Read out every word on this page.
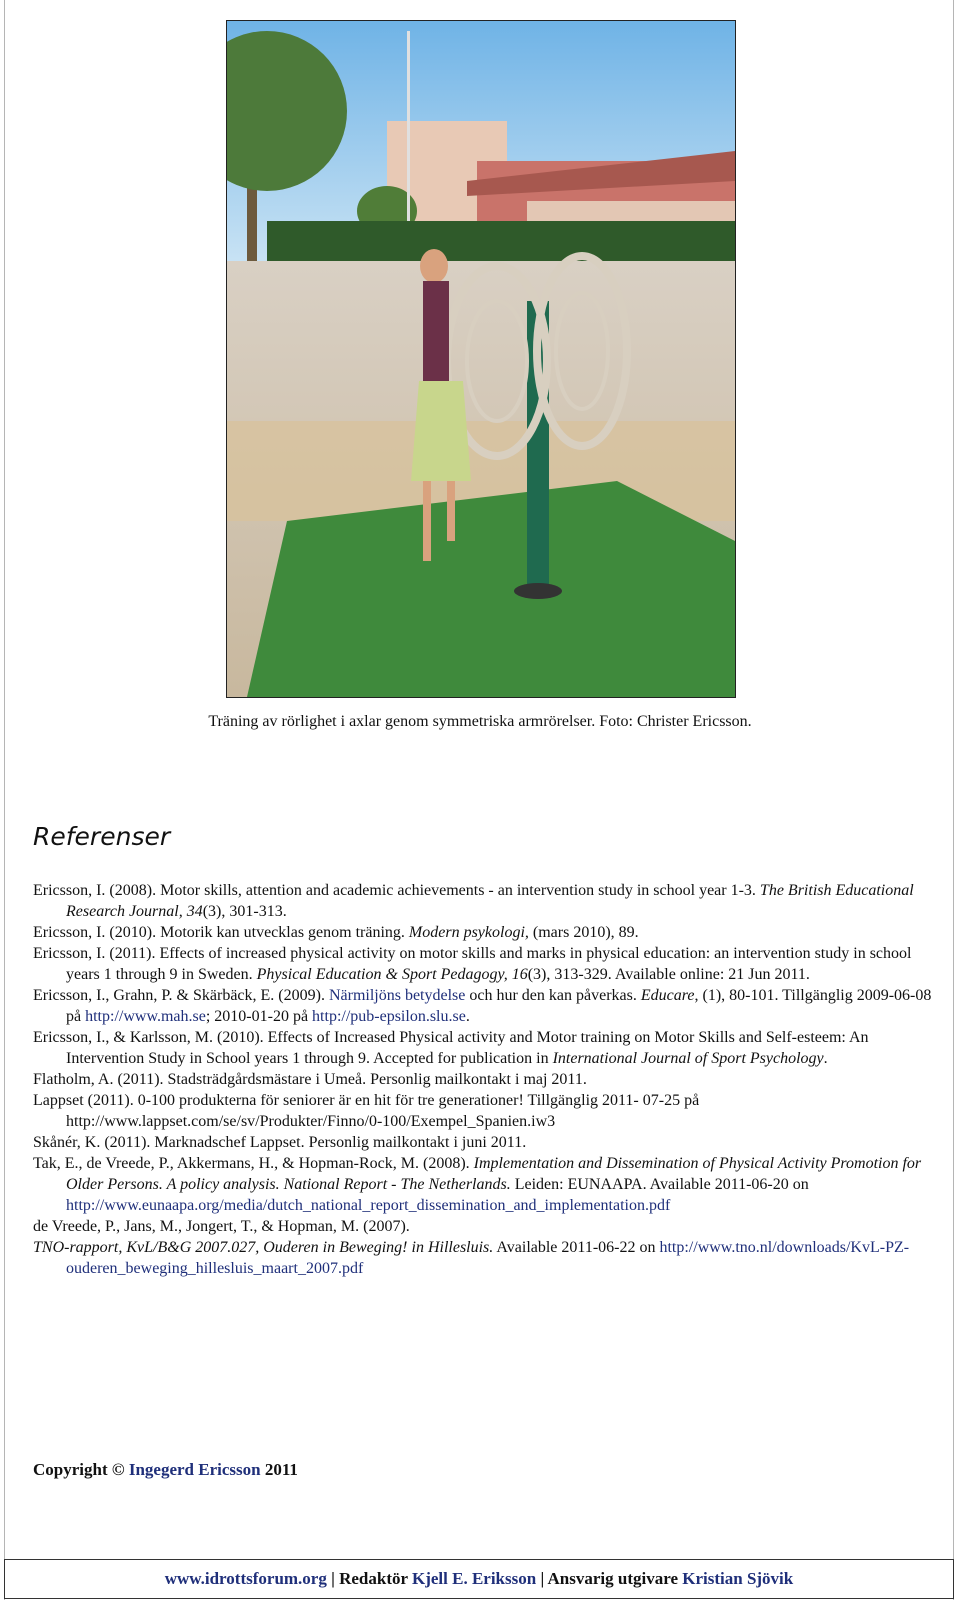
Träning av rörlighet i axlar genom symmetriska armrörelser. Foto: Christer Ericsson.
Referenser

Ericsson, I. (2008). Motor skills, attention and academic achievements - an intervention study in school year 1-3. The British Educational Research Journal, 34(3), 301-313.

Ericsson, I. (2010). Motorik kan utvecklas genom träning. Modern psykologi, (mars 2010), 89.

Ericsson, I. (2011). Effects of increased physical activity on motor skills and marks in physical education: an intervention study in school years 1 through 9 in Sweden. Physical Education & Sport Pedagogy, 16(3), 313-329. Available online: 21 Jun 2011.

Ericsson, I., Grahn, P. & Skärbäck, E. (2009). Närmiljöns betydelse och hur den kan påverkas. Educare, (1), 80-101. Tillgänglig 2009-06-08 på http://www.mah.se; 2010-01-20 på http://pub-epsilon.slu.se.

Ericsson, I., & Karlsson, M. (2010). Effects of Increased Physical activity and Motor training on Motor Skills and Self-esteem: An Intervention Study in School years 1 through 9. Accepted for publication in International Journal of Sport Psychology.

Flatholm, A. (2011). Stadsträdgårdsmästare i Umeå. Personlig mailkontakt i maj 2011.

Lappset (2011). 0-100 produkterna för seniorer är en hit för tre generationer! Tillgänglig 2011- 07-25 på http://www.lappset.com/se/sv/Produkter/Finno/0-100/Exempel_Spanien.iw3

Skånér, K. (2011). Marknadschef Lappset. Personlig mailkontakt i juni 2011.

Tak, E., de Vreede, P., Akkermans, H., & Hopman-Rock, M. (2008). Implementation and Dissemination of Physical Activity Promotion for Older Persons. A policy analysis. National Report - The Netherlands. Leiden: EUNAAPA. Available 2011-06-20 on http://www.eunaapa.org/media/dutch_national_report_dissemination_and_implementation.pdf

de Vreede, P., Jans, M., Jongert, T., & Hopman, M. (2007).

TNO-rapport, KvL/B&G 2007.027, Ouderen in Beweging! in Hillesluis. Available 2011-06-22 on http://www.tno.nl/downloads/KvL-PZ-ouderen_beweging_hillesluis_maart_2007.pdf

Copyright © Ingegerd Ericsson 2011
www.idrottsforum.org | Redaktör Kjell E. Eriksson | Ansvarig utgivare Kristian Sjövik
